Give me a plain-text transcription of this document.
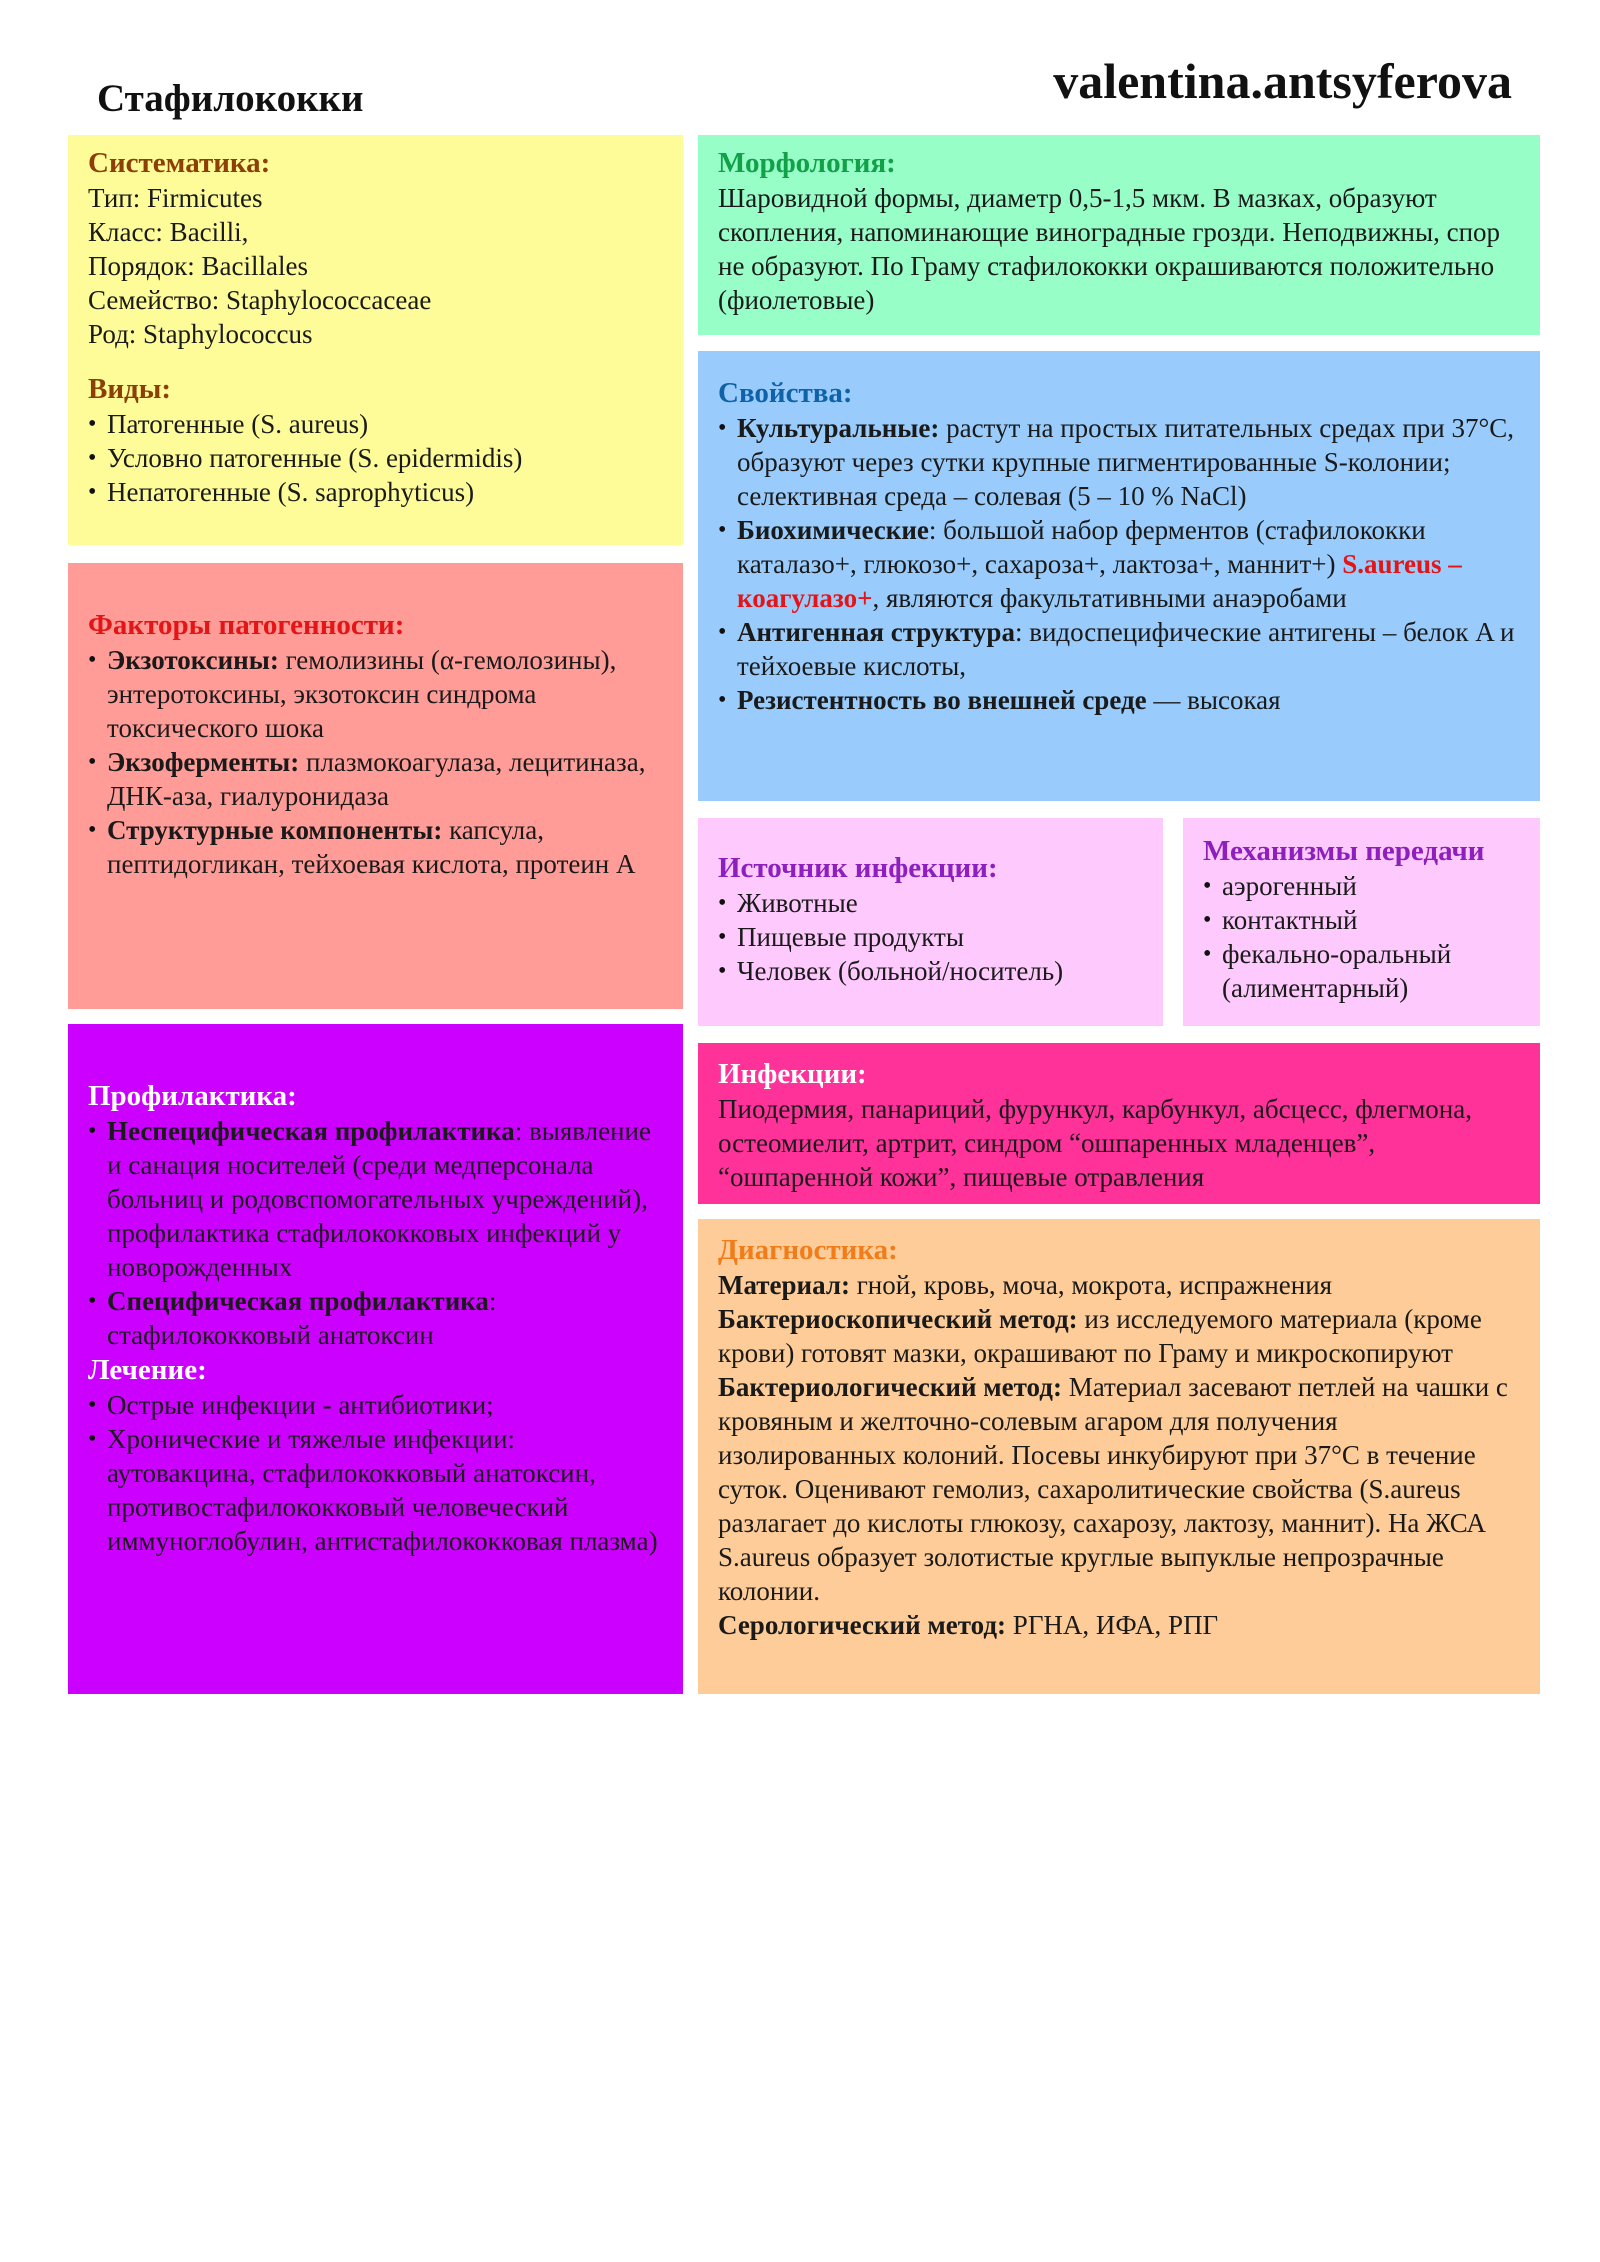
Стафилококки	valentina.antsyferova
Систематика:
Тип: Firmicutes
Класс: Bacilli,
Порядок: Bacillales
Семейство: Staphylococcaceae
Род: Staphylococcus
Виды:
• Патогенные (S. aureus)
• Условно патогенные (S. epidermidis)
• Непатогенные (S. saprophyticus)
Морфология:
Шаровидной формы, диаметр 0,5-1,5 мкм. В мазках, образуют скопления, напоминающие виноградные грозди. Неподвижны, спор не образуют. По Граму стафилококки окрашиваются положительно (фиолетовые)
Свойства:
• Культуральные: растут на простых питательных средах при 37°C, образуют через сутки крупные пигментированные S-колонии; селективная среда – солевая (5 – 10 % NaCl)
• Биохимические: большой набор ферментов (стафилококки каталазо+, глюкозо+, сахароза+, лактоза+, маннит+) S.aureus – коагулазо+, являются факультативными анаэробами
• Антигенная структура: видоспецифические антигены – белок A и тейхоевые кислоты,
• Резистентность во внешней среде — высокая
Факторы патогенности:
• Экзотоксины: гемолизины (α-гемолозины), энтеротоксины, экзотоксин синдрома токсического шока
• Экзоферменты: плазмокоагулаза, лецитиназа, ДНК-аза, гиалуронидаза
• Структурные компоненты: капсула, пептидогликан, тейхоевая кислота, протеин A	Источник инфекции:
• Животные
• Пищевые продукты
• Человек (больной/носитель)
Механизмы передачи
• аэрогенный
• контактный
• фекально-оральный (алиментарный)
Профилактика:
• Неспецифическая профилактика: выявление и санация носителей (среди медперсонала больниц и родовспомогательных учреждений), профилактика стафилококковых инфекций у новорожденных
• Специфическая профилактика: стафилококковый анатоксин
Лечение:
• Острые инфекции - антибиотики;
• Хронические и тяжелые инфекции: аутовакцина, стафилококковый анатоксин, противостафилококковый человеческий иммуноглобулин, антистафилококковая плазма)
Инфекции:
Пиодермия, панариций, фурункул, карбункул, абсцесс, флегмона, остеомиелит, артрит, синдром “ошпаренных младенцев”, “ошпаренной кожи”, пищевые отравления
Диагностика:
Материал: гной, кровь, моча, мокрота, испражнения
Бактериоскопический метод: из исследуемого материала (кроме крови) готовят мазки, окрашивают по Граму и микроскопируют
Бактериологический метод: Материал засевают петлей на чашки с кровяным и желточно-солевым агаром для получения изолированных колоний. Посевы инкубируют при 37°C в течение суток. Оценивают гемолиз, сахаролитические свойства (S.aureus разлагает до кислоты глюкозу, сахарозу, лактозу, маннит). На ЖСА S.aureus образует золотистые круглые выпуклые непрозрачные колонии.
Серологический метод: РГНА, ИФА, РПГ
